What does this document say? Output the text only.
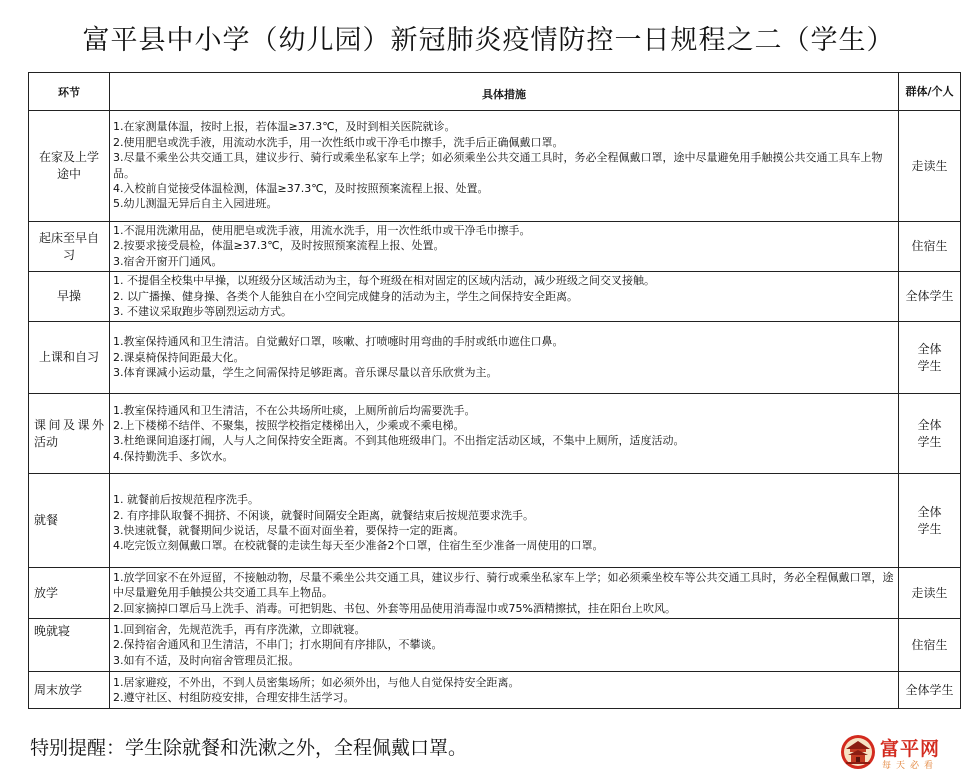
富平县中小学（幼儿园）新冠肺炎疫情防控一日规程之二（学生）
环节	具体措施	群体/个人
在家及上学途中	1.在家测量体温，按时上报，若体温≥37.3℃，及时到相关医院就诊。
2.使用肥皂或洗手液，用流动水洗手，用一次性纸巾或干净毛巾擦手，洗手后正确佩戴口罩。
3.尽量不乘坐公共交通工具，建议步行、骑行或乘坐私家车上学；如必须乘坐公共交通工具时，务必全程佩戴口罩，途中尽量避免用手触摸公共交通工具车上物品。
4.入校前自觉接受体温检测，体温≥37.3℃，及时按照预案流程上报、处置。
5.幼儿测温无异后自主入园进班。	走读生
起床至早自习	1.不混用洗漱用品，使用肥皂或洗手液，用流水洗手，用一次性纸巾或干净毛巾擦手。
2.按要求接受晨检，体温≥37.3℃，及时按照预案流程上报、处置。
3.宿舍开窗开门通风。	住宿生
早操	1. 不提倡全校集中早操，以班级分区域活动为主，每个班级在相对固定的区域内活动，减少班级之间交叉接触。
2. 以广播操、健身操、各类个人能独自在小空间完成健身的活动为主，学生之间保持安全距离。
3. 不建议采取跑步等剧烈运动方式。	全体学生
上课和自习	1.教室保持通风和卫生清洁。自觉戴好口罩，咳嗽、打喷嚏时用弯曲的手肘或纸巾遮住口鼻。
2.课桌椅保持间距最大化。
3.体育课减小运动量，学生之间需保持足够距离。音乐课尽量以音乐欣赏为主。	全体学生
课间及课外活动	1.教室保持通风和卫生清洁，不在公共场所吐痰，上厕所前后均需要洗手。
2.上下楼梯不结伴、不聚集，按照学校指定楼梯出入，少乘或不乘电梯。
3.杜绝课间追逐打闹，人与人之间保持安全距离。不到其他班级串门。不出指定活动区域，不集中上厕所，适度活动。
4.保持勤洗手、多饮水。	全体学生
就餐	1. 就餐前后按规范程序洗手。
2. 有序排队取餐不拥挤、不闲谈，就餐时间隔安全距离，就餐结束后按规范要求洗手。
3.快速就餐，就餐期间少说话，尽量不面对面坐着，要保持一定的距离。
4.吃完饭立刻佩戴口罩。在校就餐的走读生每天至少准备2个口罩，住宿生至少准备一周使用的口罩。	全体学生
放学	1.放学回家不在外逗留，不接触动物，尽量不乘坐公共交通工具，建议步行、骑行或乘坐私家车上学；如必须乘坐校车等公共交通工具时，务必全程佩戴口罩，途中尽量避免用手触摸公共交通工具车上物品。
2.回家摘掉口罩后马上洗手、消毒。可把钥匙、书包、外套等用品使用消毒湿巾或75%酒精擦拭，挂在阳台上吹风。	走读生
晚就寝	1.回到宿舍，先规范洗手，再有序洗漱，立即就寝。
2.保持宿舍通风和卫生清洁，不串门；打水期间有序排队，不攀谈。
3.如有不适，及时向宿舍管理员汇报。	住宿生
周末放学	1.居家避疫，不外出，不到人员密集场所；如必须外出，与他人自觉保持安全距离。
2.遵守社区、村组防疫安排，合理安排生活学习。	全体学生
特别提醒：学生除就餐和洗漱之外，全程佩戴口罩。	富平网
每天必看
